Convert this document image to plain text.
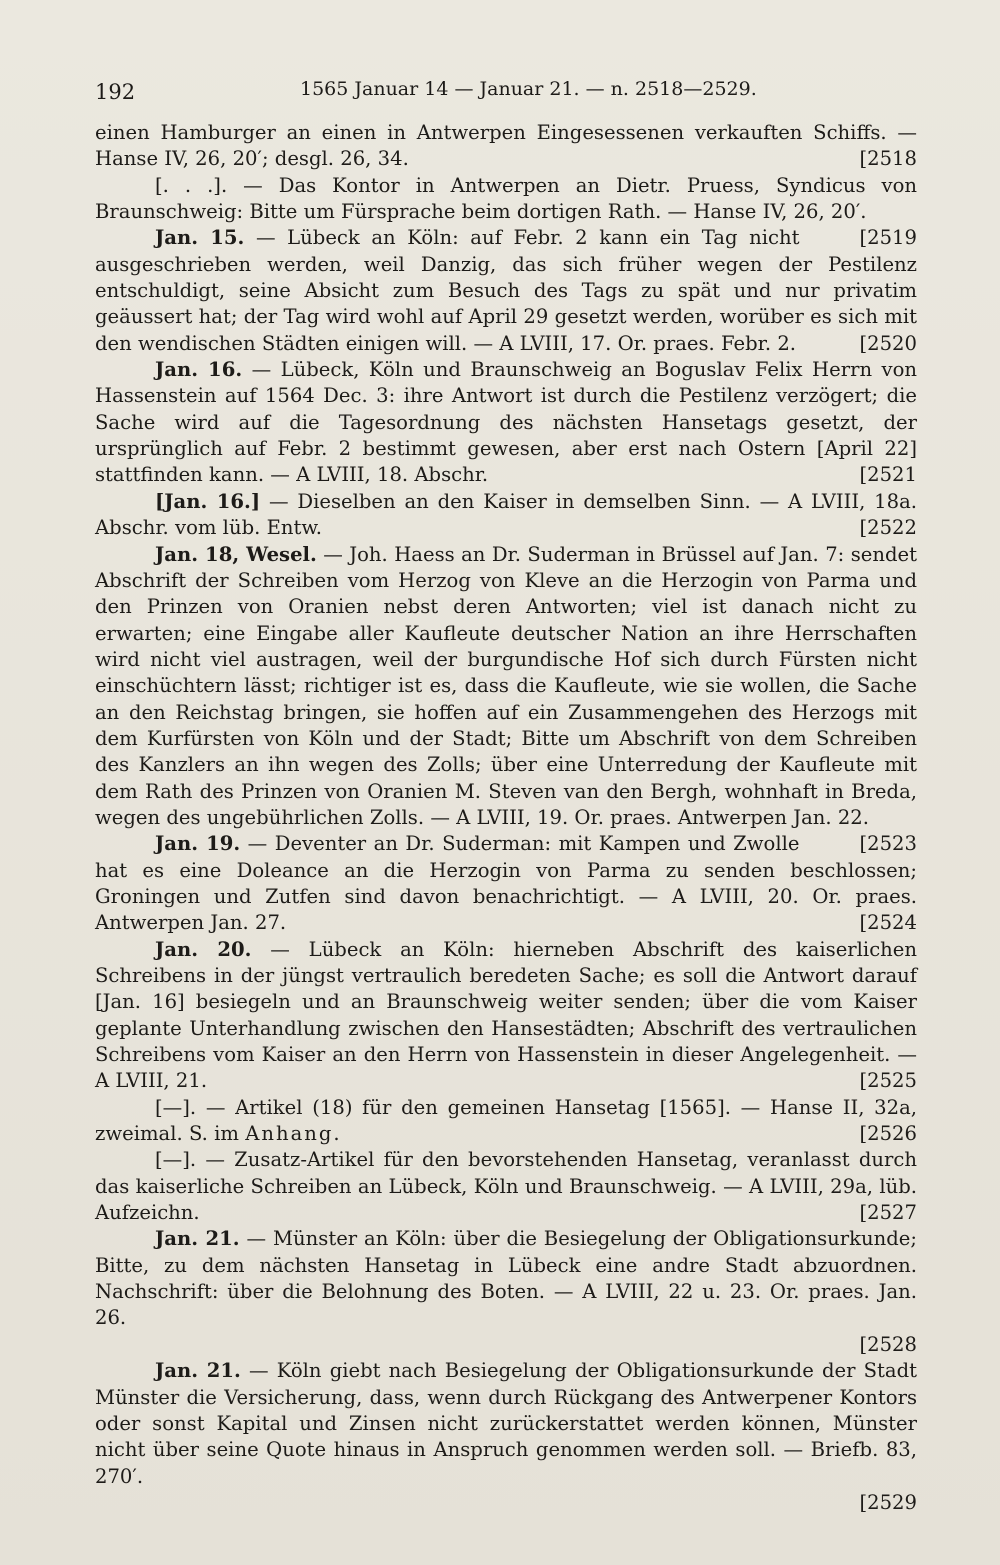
192	1565 Januar 14 — Januar 21. — n. 2518—2529.
einen Hamburger an einen in Antwerpen Eingesessenen verkauften Schiffs. — Hanse IV, 26, 20′; desgl. 26, 34.	[2518
[. . .]. — Das Kontor in Antwerpen an Dietr. Pruess, Syndicus von Braunschweig: Bitte um Fürsprache beim dortigen Rath. — Hanse IV, 26, 20′.
[2519
Jan. 15. — Lübeck an Köln: auf Febr. 2 kann ein Tag nicht ausgeschrieben werden, weil Danzig, das sich früher wegen der Pestilenz entschuldigt, seine Absicht zum Besuch des Tags zu spät und nur privatim geäussert hat; der Tag wird wohl auf April 29 gesetzt werden, worüber es sich mit den wendischen Städten einigen will. — A LVIII, 17. Or. praes. Febr. 2.	[2520
Jan. 16. — Lübeck, Köln und Braunschweig an Boguslav Felix Herrn von Hassenstein auf 1564 Dec. 3: ihre Antwort ist durch die Pestilenz verzögert; die Sache wird auf die Tagesordnung des nächsten Hansetags gesetzt, der ursprünglich auf Febr. 2 bestimmt gewesen, aber erst nach Ostern [April 22] stattfinden kann. — A LVIII, 18. Abschr.	[2521
[Jan. 16.] — Dieselben an den Kaiser in demselben Sinn. — A LVIII, 18a. Abschr. vom lüb. Entw.	[2522
Jan. 18, Wesel. — Joh. Haess an Dr. Suderman in Brüssel auf Jan. 7: sendet Abschrift der Schreiben vom Herzog von Kleve an die Herzogin von Parma und den Prinzen von Oranien nebst deren Antworten; viel ist danach nicht zu erwarten; eine Eingabe aller Kaufleute deutscher Nation an ihre Herrschaften wird nicht viel austragen, weil der burgundische Hof sich durch Fürsten nicht einschüchtern lässt; richtiger ist es, dass die Kaufleute, wie sie wollen, die Sache an den Reichstag bringen, sie hoffen auf ein Zusammengehen des Herzogs mit dem Kurfürsten von Köln und der Stadt; Bitte um Abschrift von dem Schreiben des Kanzlers an ihn wegen des Zolls; über eine Unterredung der Kaufleute mit dem Rath des Prinzen von Oranien M. Steven van den Bergh, wohnhaft in Breda, wegen des ungebührlichen Zolls. — A LVIII, 19. Or. praes. Antwerpen Jan. 22.
[2523
Jan. 19. — Deventer an Dr. Suderman: mit Kampen und Zwolle hat es eine Doleance an die Herzogin von Parma zu senden beschlossen; Groningen und Zutfen sind davon benachrichtigt. — A LVIII, 20. Or. praes. Antwerpen Jan. 27.	[2524
Jan. 20. — Lübeck an Köln: hierneben Abschrift des kaiserlichen Schreibens in der jüngst vertraulich beredeten Sache; es soll die Antwort darauf [Jan. 16] besiegeln und an Braunschweig weiter senden; über die vom Kaiser geplante Unterhandlung zwischen den Hansestädten; Abschrift des vertraulichen Schreibens vom Kaiser an den Herrn von Hassenstein in dieser Angelegenheit. — A LVIII, 21.	[2525
[—]. — Artikel (18) für den gemeinen Hansetag [1565]. — Hanse II, 32a, zweimal. S. im Anhang.	[2526
[—]. — Zusatz-Artikel für den bevorstehenden Hansetag, veranlasst durch das kaiserliche Schreiben an Lübeck, Köln und Braunschweig. — A LVIII, 29a, lüb. Aufzeichn.	[2527
Jan. 21. — Münster an Köln: über die Besiegelung der Obligationsurkunde; Bitte, zu dem nächsten Hansetag in Lübeck eine andre Stadt abzuordnen. Nachschrift: über die Belohnung des Boten. — A LVIII, 22 u. 23. Or. praes. Jan. 26.
[2528
Jan. 21. — Köln giebt nach Besiegelung der Obligationsurkunde der Stadt Münster die Versicherung, dass, wenn durch Rückgang des Antwerpener Kontors oder sonst Kapital und Zinsen nicht zurückerstattet werden können, Münster nicht über seine Quote hinaus in Anspruch genommen werden soll. — Briefb. 83, 270′.
[2529
